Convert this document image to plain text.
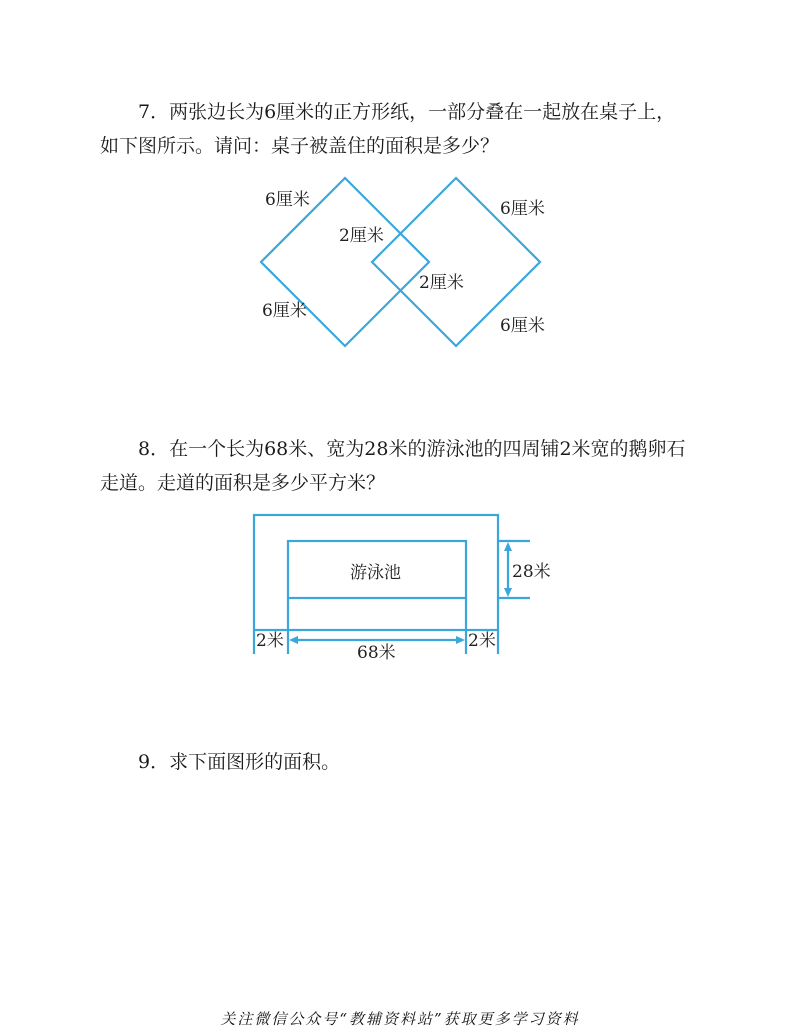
7．两张边长为6厘米的正方形纸，一部分叠在一起放在桌子上，
如下图所示。请问：桌子被盖住的面积是多少？
6厘米
6厘米
6厘米
6厘米
2厘米
2厘米
8．在一个长为68米、宽为28米的游泳池的四周铺2米宽的鹅卵石
走道。走道的面积是多少平方米？
游泳池	28米
68米
2米	2米
9．求下面图形的面积。
关注微信公众号“教辅资料站”获取更多学习资料
